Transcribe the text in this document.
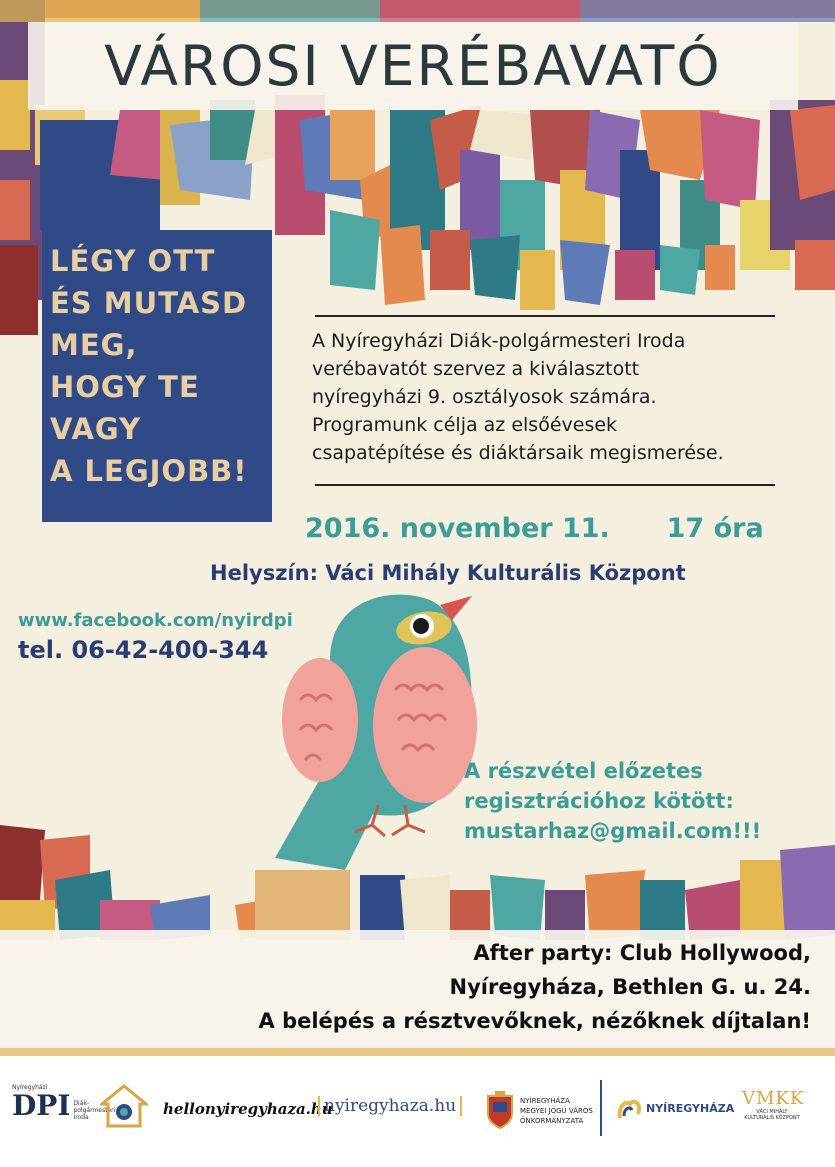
VÁROSI VERÉBAVATÓ
LÉGY OTT
ÉS MUTASD
MEG,
HOGY TE
VAGY
A LEGJOBB!
A Nyíregyházi Diák-polgármesteri Iroda
verébavatót szervez a kiválasztott
nyíregyházi 9. osztályosok számára.
Programunk célja az elsőévesek
csapatépítése és diáktársaik megismerése.
2016. november 11. 17 óra
Helyszín: Váci Mihály Kulturális Központ
www.facebook.com/nyirdpi
tel. 06-42-400-344
A részvétel előzetes
regisztrációhoz kötött:
mustarhaz@gmail.com!!!
After party: Club Hollywood,
Nyíregyháza, Bethlen G. u. 24.
A belépés a résztvevőknek, nézőknek díjtalan!
Nyíregyházi
DPI Diák-
polgármesteri
Iroda	hellonyiregyhaza.hu
nyiregyhaza.hu	NYÍREGYHÁZA
MEGYEI JOGÚ VÁROS
ÖNKORMÁNYZATA
NYÍREGYHÁZA VMKK
VÁCI MIHÁLY
KULTURÁLIS KÖZPONT
